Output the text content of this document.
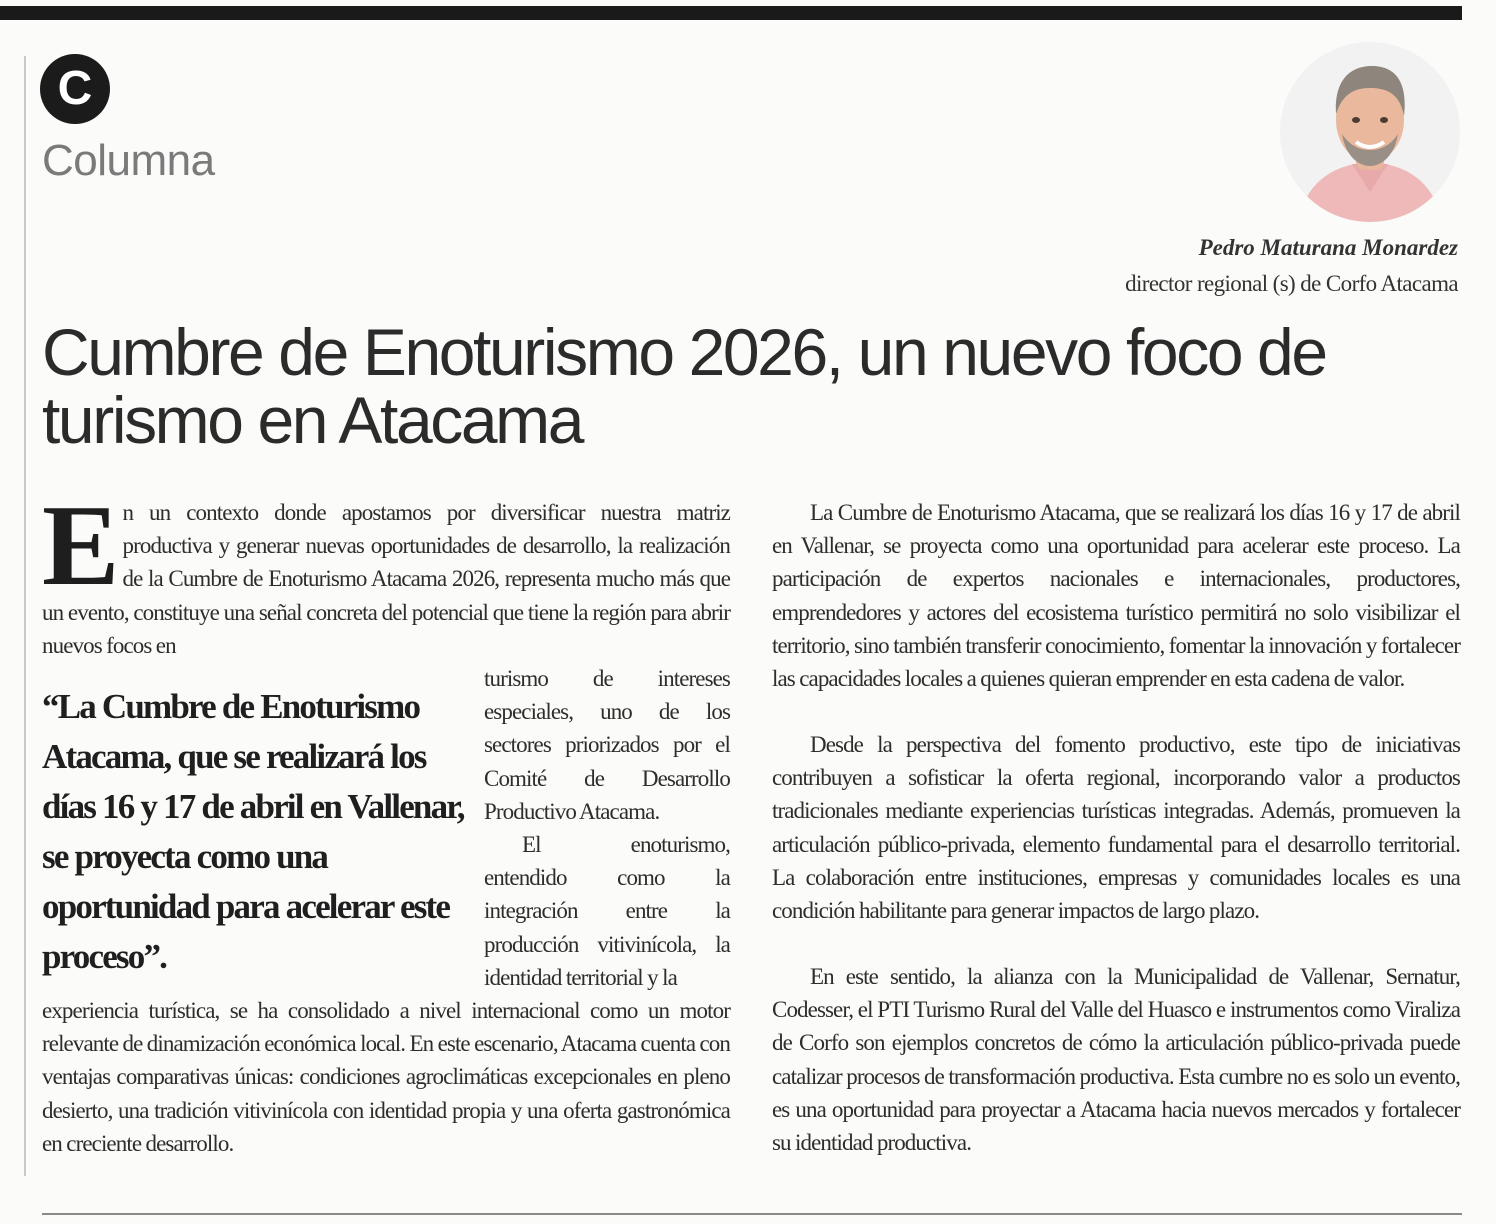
C
Columna
Pedro Maturana Monardez
director regional (s) de Corfo Atacama
Cumbre de Enoturismo 2026, un nuevo foco de turismo en Atacama

En un contexto donde apostamos por diversificar nuestra matriz productiva y generar nuevas oportunidades de desarrollo, la realización de la Cumbre de Enoturismo Atacama 2026, representa mucho más que un evento, constituye una señal concreta del potencial que tiene la región para abrir nuevos focos en

“La Cumbre de Enoturismo Atacama, que se realizará los días 16 y 17 de abril en Vallenar, se proyecta como una oportunidad para acelerar este proceso”.

turismo de intereses especiales, uno de los sectores priorizados por el Comité de Desarrollo Productivo Atacama.

El enoturismo, entendido como la integración entre la producción vitivinícola, la identidad territorial y la

experiencia turística, se ha consolidado a nivel internacional como un motor relevante de dinamización económica local. En este escenario, Atacama cuenta con ventajas comparativas únicas: condiciones agroclimáticas excepcionales en pleno desierto, una tradición vitivinícola con identidad propia y una oferta gastronómica en creciente desarrollo.

La Cumbre de Enoturismo Atacama, que se realizará los días 16 y 17 de abril en Vallenar, se proyecta como una oportunidad para acelerar este proceso. La participación de expertos nacionales e internacionales, productores, emprendedores y actores del ecosistema turístico permitirá no solo visibilizar el territorio, sino también transferir conocimiento, fomentar la innovación y fortalecer las capacidades locales a quienes quieran emprender en esta cadena de valor.

Desde la perspectiva del fomento productivo, este tipo de iniciativas contribuyen a sofisticar la oferta regional, incorporando valor a productos tradicionales mediante experiencias turísticas integradas. Además, promueven la articulación público-privada, elemento fundamental para el desarrollo territorial. La colaboración entre instituciones, empresas y comunidades locales es una condición habilitante para generar impactos de largo plazo.

En este sentido, la alianza con la Municipalidad de Vallenar, Sernatur, Codesser, el PTI Turismo Rural del Valle del Huasco e instrumentos como Viraliza de Corfo son ejemplos concretos de cómo la articulación público-privada puede catalizar procesos de transformación productiva. Esta cumbre no es solo un evento, es una oportunidad para proyectar a Atacama hacia nuevos mercados y fortalecer su identidad productiva.
